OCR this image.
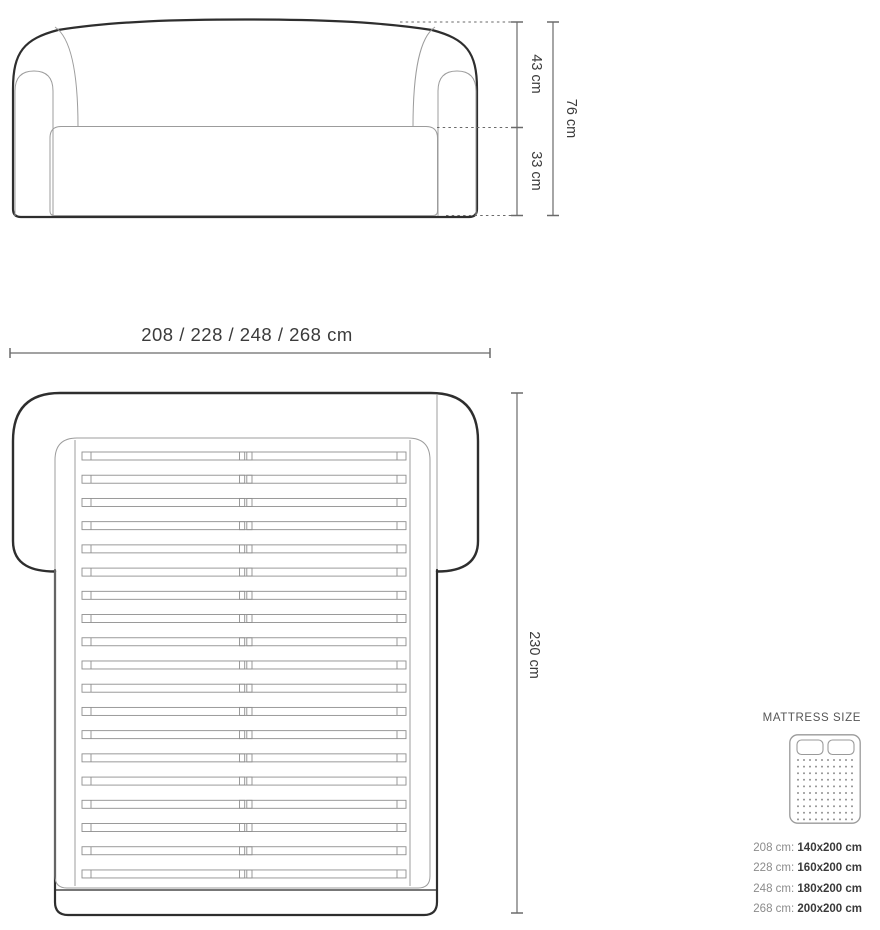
43 cm
33 cm
76 cm
208 / 228 / 248 / 268 cm
230 cm
MATTRESS SIZE
208 cm: 140x200 cm
228 cm: 160x200 cm
248 cm: 180x200 cm
268 cm: 200x200 cm
